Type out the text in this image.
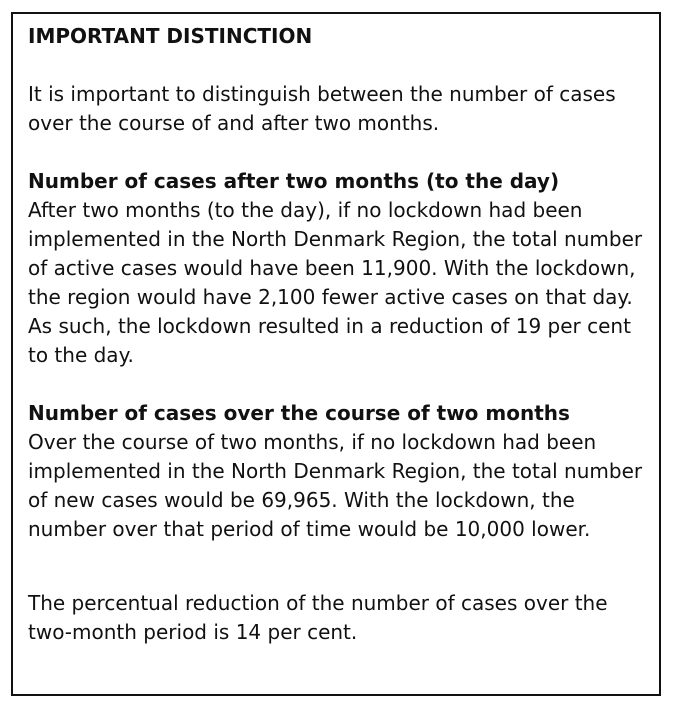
IMPORTANT DISTINCTION

It is important to distinguish between the number of cases over the course of and after two months.

Number of cases after two months (to the day)

After two months (to the day), if no lockdown had been implemented in the North Denmark Region, the total number of active cases would have been 11,900. With the lockdown, the region would have 2,100 fewer active cases on that day. As such, the lockdown resulted in a reduction of 19 per cent to the day.

Number of cases over the course of two months

Over the course of two months, if no lockdown had been implemented in the North Denmark Region, the total number of new cases would be 69,965. With the lockdown, the number over that period of time would be 10,000 lower.

The percentual reduction of the number of cases over the two-month period is 14 per cent.
